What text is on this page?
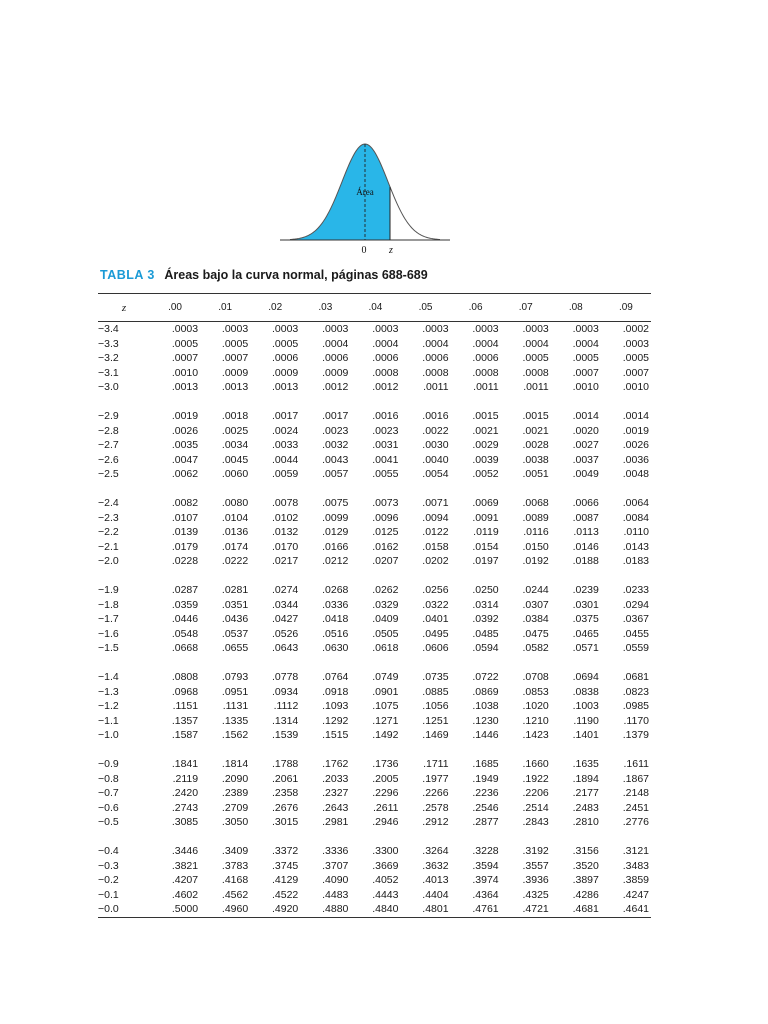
Área
0 z
TABLA 3 Áreas bajo la curva normal, páginas 688-689
z	.00	.01	.02	.03	.04	.05	.06	.07	.08	.09
−3.4	.0003	.0003	.0003	.0003	.0003	.0003	.0003	.0003	.0003	.0002
−3.3	.0005	.0005	.0005	.0004	.0004	.0004	.0004	.0004	.0004	.0003
−3.2	.0007	.0007	.0006	.0006	.0006	.0006	.0006	.0005	.0005	.0005
−3.1	.0010	.0009	.0009	.0009	.0008	.0008	.0008	.0008	.0007	.0007
−3.0	.0013	.0013	.0013	.0012	.0012	.0011	.0011	.0011	.0010	.0010

−2.9	.0019	.0018	.0017	.0017	.0016	.0016	.0015	.0015	.0014	.0014
−2.8	.0026	.0025	.0024	.0023	.0023	.0022	.0021	.0021	.0020	.0019
−2.7	.0035	.0034	.0033	.0032	.0031	.0030	.0029	.0028	.0027	.0026
−2.6	.0047	.0045	.0044	.0043	.0041	.0040	.0039	.0038	.0037	.0036
−2.5	.0062	.0060	.0059	.0057	.0055	.0054	.0052	.0051	.0049	.0048

−2.4	.0082	.0080	.0078	.0075	.0073	.0071	.0069	.0068	.0066	.0064
−2.3	.0107	.0104	.0102	.0099	.0096	.0094	.0091	.0089	.0087	.0084
−2.2	.0139	.0136	.0132	.0129	.0125	.0122	.0119	.0116	.0113	.0110
−2.1	.0179	.0174	.0170	.0166	.0162	.0158	.0154	.0150	.0146	.0143
−2.0	.0228	.0222	.0217	.0212	.0207	.0202	.0197	.0192	.0188	.0183

−1.9	.0287	.0281	.0274	.0268	.0262	.0256	.0250	.0244	.0239	.0233
−1.8	.0359	.0351	.0344	.0336	.0329	.0322	.0314	.0307	.0301	.0294
−1.7	.0446	.0436	.0427	.0418	.0409	.0401	.0392	.0384	.0375	.0367
−1.6	.0548	.0537	.0526	.0516	.0505	.0495	.0485	.0475	.0465	.0455
−1.5	.0668	.0655	.0643	.0630	.0618	.0606	.0594	.0582	.0571	.0559

−1.4	.0808	.0793	.0778	.0764	.0749	.0735	.0722	.0708	.0694	.0681
−1.3	.0968	.0951	.0934	.0918	.0901	.0885	.0869	.0853	.0838	.0823
−1.2	.1151	.1131	.1112	.1093	.1075	.1056	.1038	.1020	.1003	.0985
−1.1	.1357	.1335	.1314	.1292	.1271	.1251	.1230	.1210	.1190	.1170
−1.0	.1587	.1562	.1539	.1515	.1492	.1469	.1446	.1423	.1401	.1379

−0.9	.1841	.1814	.1788	.1762	.1736	.1711	.1685	.1660	.1635	.1611
−0.8	.2119	.2090	.2061	.2033	.2005	.1977	.1949	.1922	.1894	.1867
−0.7	.2420	.2389	.2358	.2327	.2296	.2266	.2236	.2206	.2177	.2148
−0.6	.2743	.2709	.2676	.2643	.2611	.2578	.2546	.2514	.2483	.2451
−0.5	.3085	.3050	.3015	.2981	.2946	.2912	.2877	.2843	.2810	.2776

−0.4	.3446	.3409	.3372	.3336	.3300	.3264	.3228	.3192	.3156	.3121
−0.3	.3821	.3783	.3745	.3707	.3669	.3632	.3594	.3557	.3520	.3483
−0.2	.4207	.4168	.4129	.4090	.4052	.4013	.3974	.3936	.3897	.3859
−0.1	.4602	.4562	.4522	.4483	.4443	.4404	.4364	.4325	.4286	.4247
−0.0	.5000	.4960	.4920	.4880	.4840	.4801	.4761	.4721	.4681	.4641
